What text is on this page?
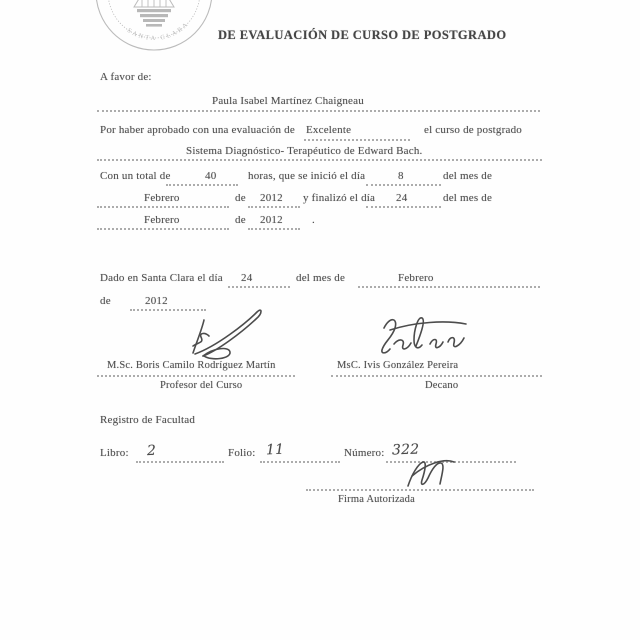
SANTA CLARA
DE EVALUACIÓN DE CURSO DE POSTGRADO
A favor de:
Paula Isabel Martínez Chaigneau
Por haber aprobado con una evaluación de Excelente	el curso de postgrado
Sistema Diagnóstico- Terapéutico de Edward Bach.
Con un total de	40	horas, que se inició el día	8	del mes de
Febrero	de 2012 y finalizó el día 24	del mes de
Febrero	de 2012	.
Dado en Santa Clara el día 24	del mes de	Febrero
de	2012
M.Sc. Boris Camilo Rodríguez Martín
Profesor del Curso
MsC. Ivis González Pereira
Decano
Registro de Facultad
Libro: 2	Folio: 11	Número: 322
Firma Autorizada
